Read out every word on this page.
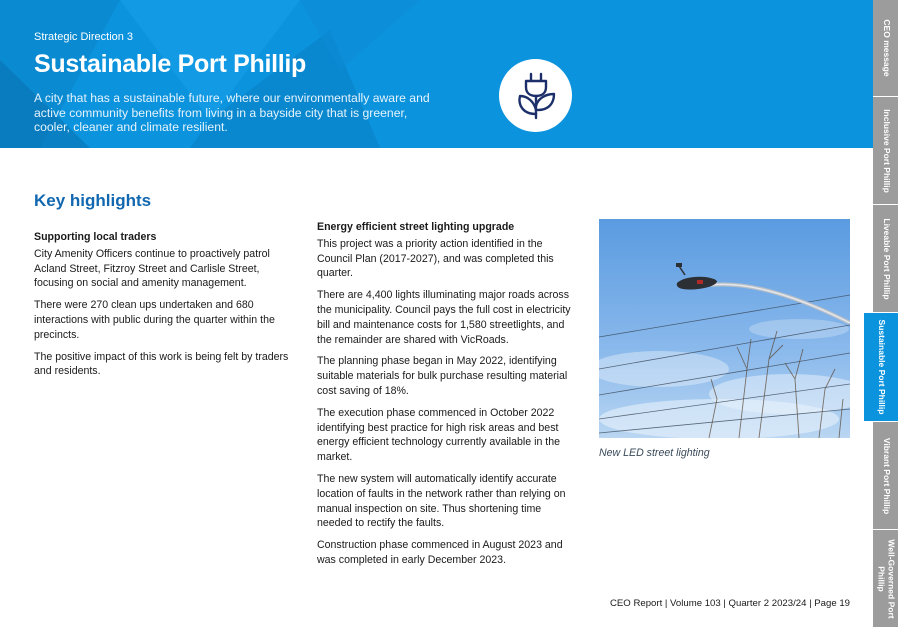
Strategic Direction 3
Sustainable Port Phillip
A city that has a sustainable future, where our environmentally aware and active community benefits from living in a bayside city that is greener, cooler, cleaner and climate resilient.
CEO message
Inclusive Port Phillip
Liveable Port Phillip
Sustainable Port Phillip
Vibrant Port Phillip
Well-Governed Port Phillip
Key highlights
Supporting local traders

City Amenity Officers continue to proactively patrol Acland Street, Fitzroy Street and Carlisle Street, focusing on social and amenity management.

There were 270 clean ups undertaken and 680 interactions with public during the quarter within the precincts.

The positive impact of this work is being felt by traders and residents.

Energy efficient street lighting upgrade

This project was a priority action identified in the Council Plan (2017-2027), and was completed this quarter.

There are 4,400 lights illuminating major roads across the municipality. Council pays the full cost in electricity bill and maintenance costs for 1,580 streetlights, and the remainder are shared with VicRoads.

The planning phase began in May 2022, identifying suitable materials for bulk purchase resulting material cost saving of 18%.

The execution phase commenced in October 2022 identifying best practice for high risk areas and best energy efficient technology currently available in the market.

The new system will automatically identify accurate location of faults in the network rather than relying on manual inspection on site. Thus shortening time needed to rectify the faults.

Construction phase commenced in August 2023 and was completed in early December 2023.

New LED street lighting
CEO Report | Volume 103 | Quarter 2 2023/24 | Page 19
